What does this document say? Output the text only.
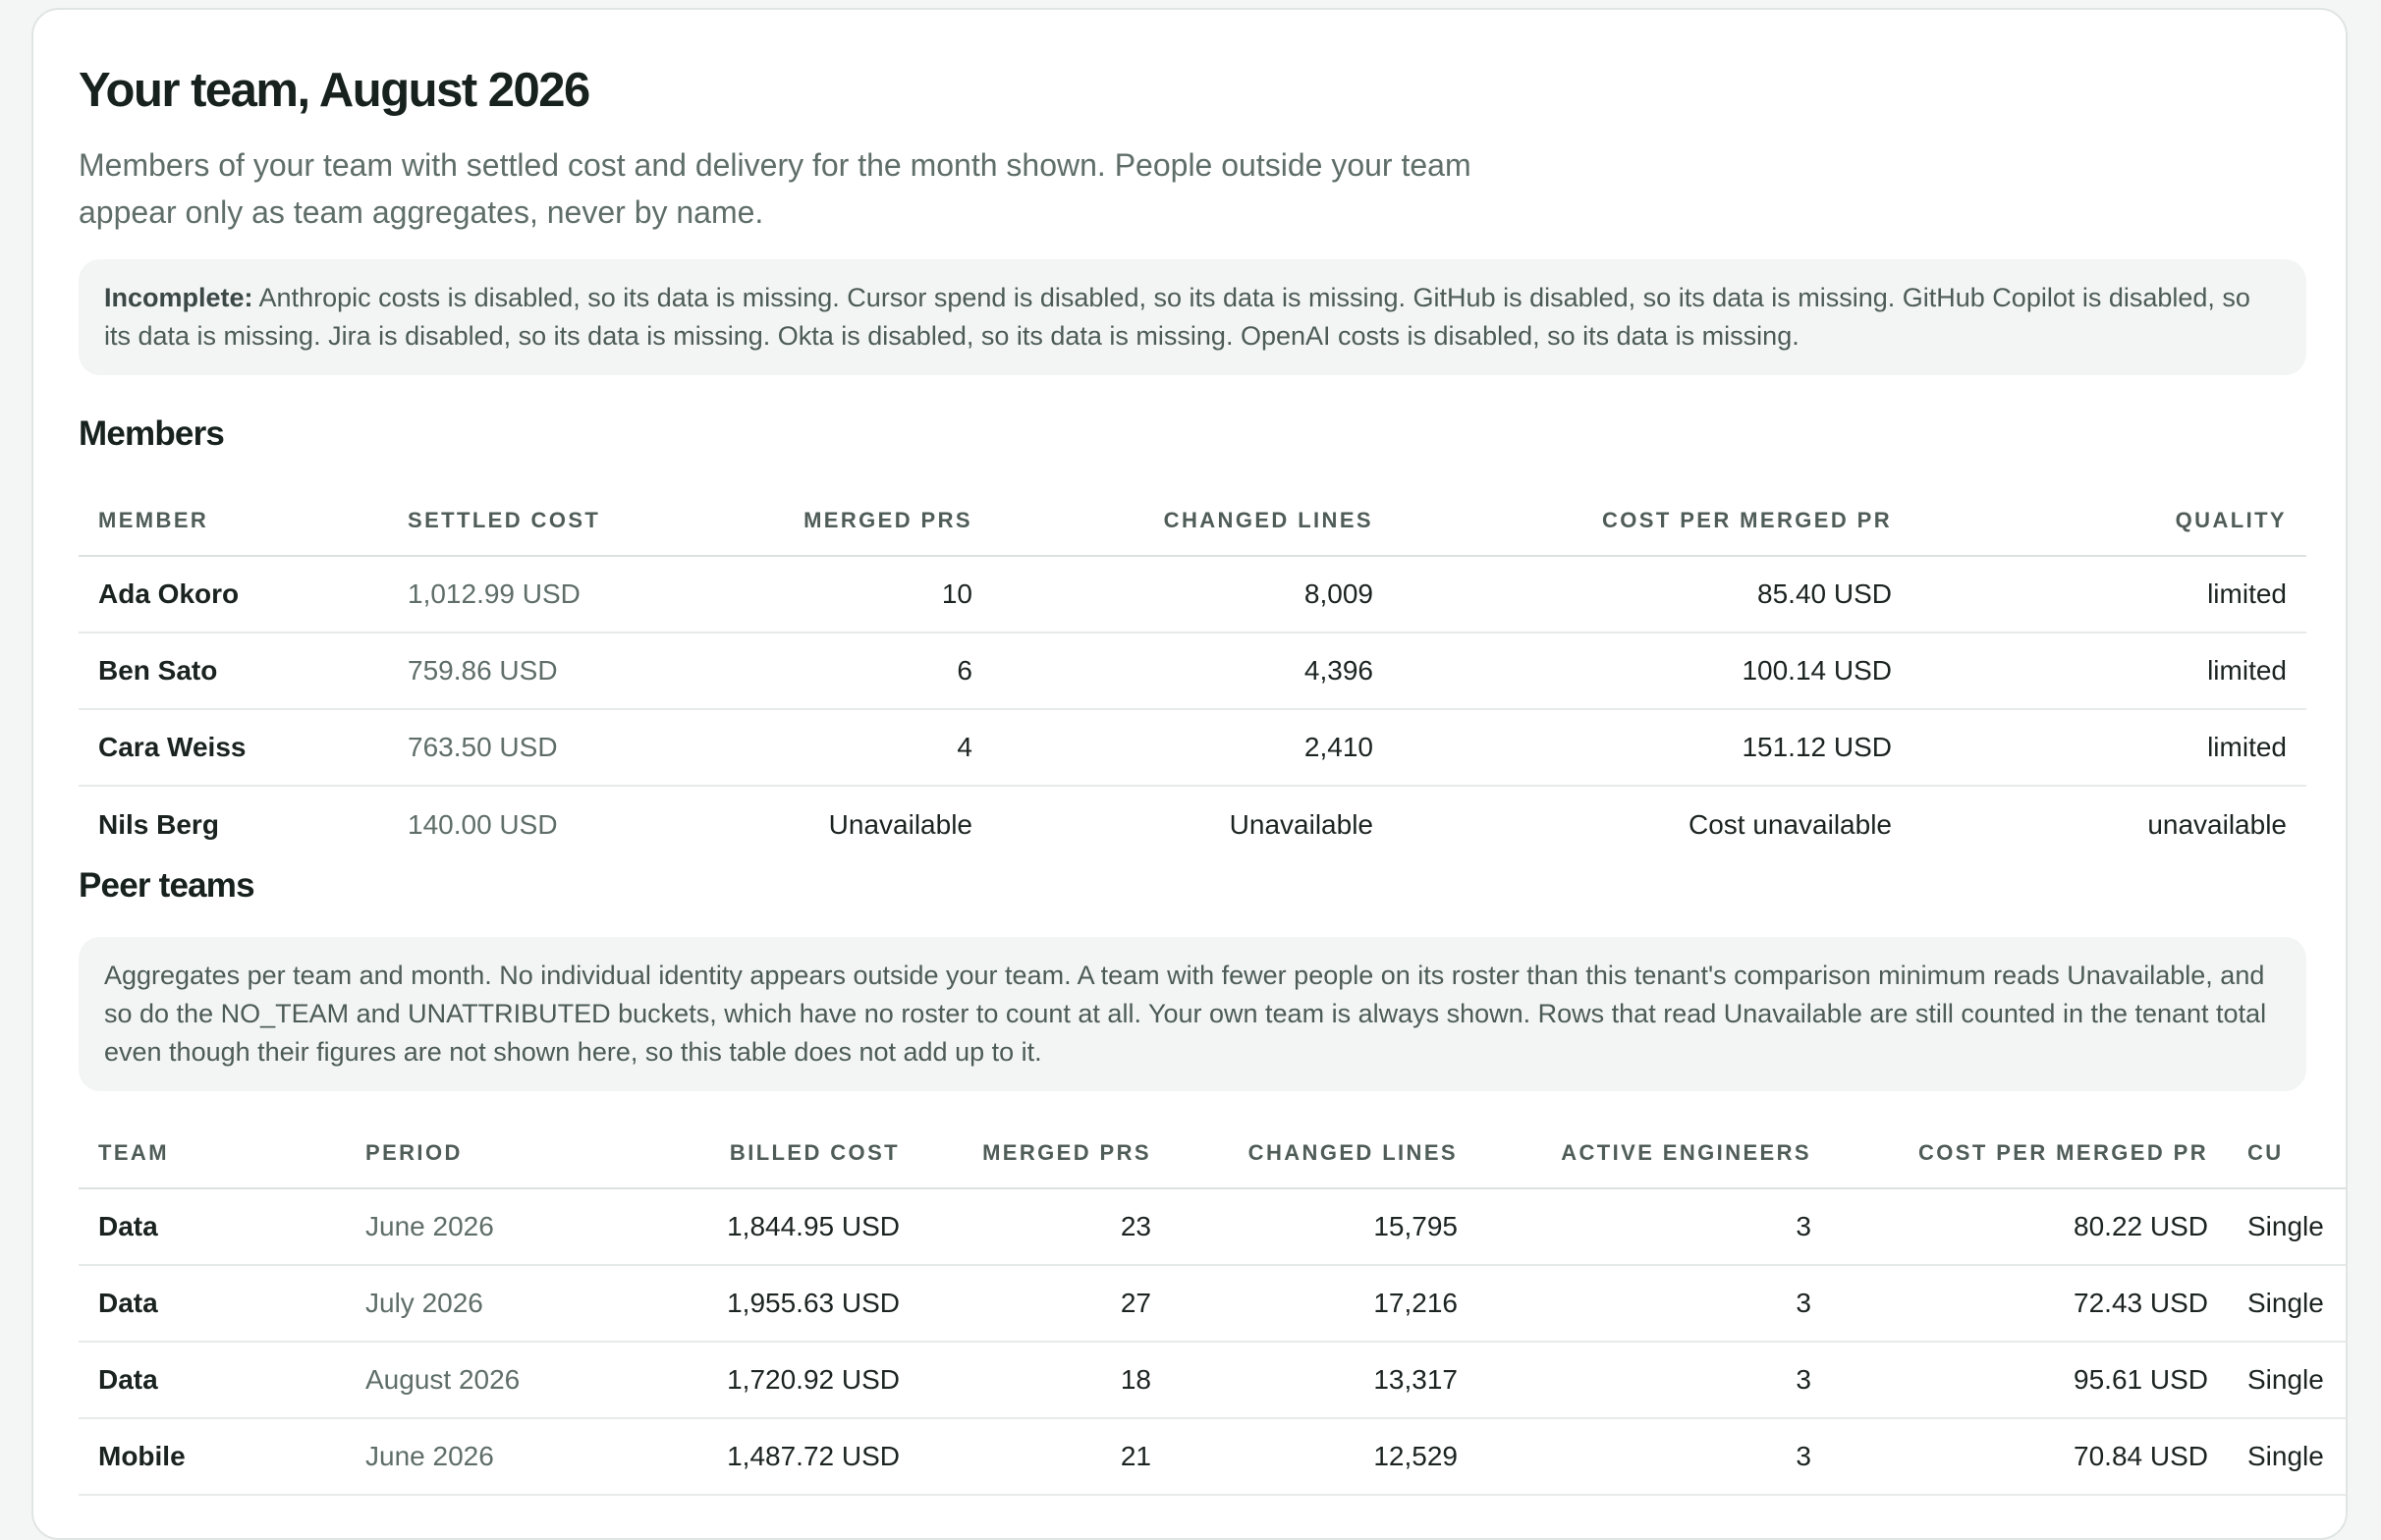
Your team, August 2026

Members of your team with settled cost and delivery for the month shown. People outside your team appear only as team aggregates, never by name.

Incomplete: Anthropic costs is disabled, so its data is missing. Cursor spend is disabled, so its data is missing. GitHub is disabled, so its data is missing. GitHub Copilot is disabled, so its data is missing. Jira is disabled, so its data is missing. Okta is disabled, so its data is missing. OpenAI costs is disabled, so its data is missing.
Members
MEMBER	SETTLED COST	MERGED PRS	CHANGED LINES	COST PER MERGED PR	QUALITY
Ada Okoro	1,012.99 USD	10	8,009	85.40 USD	limited
Ben Sato	759.86 USD	6	4,396	100.14 USD	limited
Cara Weiss	763.50 USD	4	2,410	151.12 USD	limited
Nils Berg	140.00 USD	Unavailable	Unavailable	Cost unavailable	unavailable
Peer teams
Aggregates per team and month. No individual identity appears outside your team. A team with fewer people on its roster than this tenant's comparison minimum reads Unavailable, and so do the NO_TEAM and UNATTRIBUTED buckets, which have no roster to count at all. Your own team is always shown. Rows that read Unavailable are still counted in the tenant total even though their figures are not shown here, so this table does not add up to it.
TEAM	PERIOD	BILLED COST	MERGED PRS	CHANGED LINES	ACTIVE ENGINEERS	COST PER MERGED PR	CU
Data	June 2026	1,844.95 USD	23	15,795	3	80.22 USD	Single
Data	July 2026	1,955.63 USD	27	17,216	3	72.43 USD	Single
Data	August 2026	1,720.92 USD	18	13,317	3	95.61 USD	Single
Mobile	June 2026	1,487.72 USD	21	12,529	3	70.84 USD	Single
